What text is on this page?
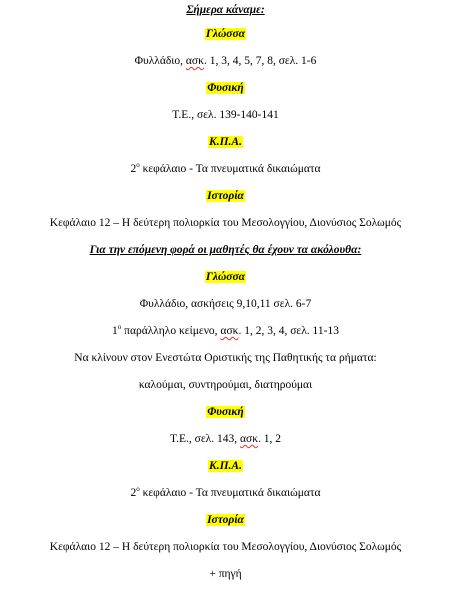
Σήμερα κάναμε:
Γλώσσα
Φυλλάδιο, ασκ. 1, 3, 4, 5, 7, 8, σελ. 1-6
Φυσική
Τ.Ε., σελ. 139-140-141
Κ.Π.Α.
$2^o$ κεφάλαιο - Τα πνευματικά δικαιώματα
Ιστορία
Κεφάλαιο 12 – Η δεύτερη πολιορκία του Μεσολογγίου, Διονύσιος Σολωμός
Για την επόμενη φορά οι μαθητές θα έχουν τα ακόλουθα:
Γλώσσα
Φυλλάδιο, ασκήσεις 9,10,11 σελ. 6-7
$1^o$ παράλληλο κείμενο, ασκ. 1, 2, 3, 4, σελ. 11-13
Να κλίνουν στον Ενεστώτα Οριστικής της Παθητικής τα ρήματα:
καλούμαι, συντηρούμαι, διατηρούμαι
Φυσική
Τ.Ε., σελ. 143, ασκ. 1, 2
Κ.Π.Α.
$2^o$ κεφάλαιο - Τα πνευματικά δικαιώματα
Ιστορία
Κεφάλαιο 12 – Η δεύτερη πολιορκία του Μεσολογγίου, Διονύσιος Σολωμός
+ πηγή
